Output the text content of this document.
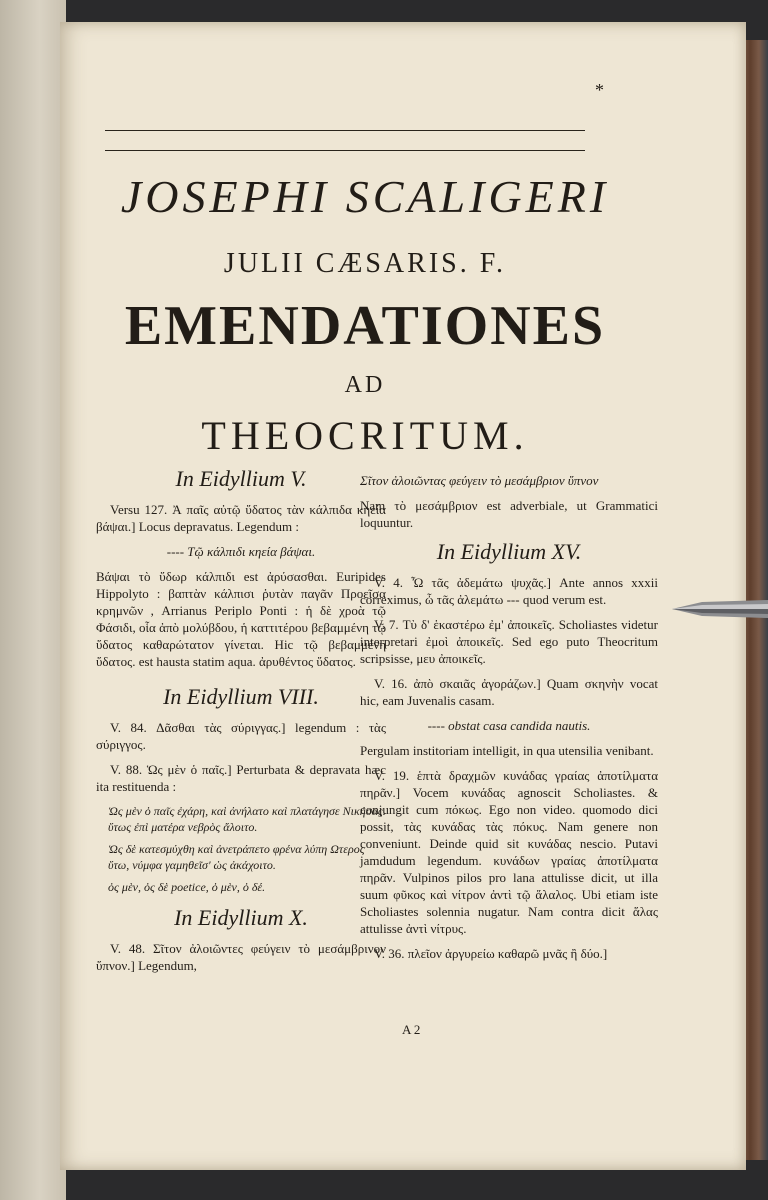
*
JOSEPHI SCALIGERI
JULII CÆSARIS. F.
EMENDATIONES
AD
THEOCRITUM.
In Eidyllium V.
Versu 127. Ἀ παῖς αὐτῷ ὕδατος τὰν κάλπιδα κηεία βάψαι.] Locus depravatus. Legendum :
---- Τῷ κάλπιδι κηεία βάψαι.
Βάψαι τὸ ὕδωρ κάλπιδι est ἀρύσασθαι. Euripides Hippolyto : βαπτὰν κάλπισι ῥυτὰν παγᾶν Προεῖσα κρημνῶν , Arrianus Periplo Ponti : ἡ δὲ χροὰ τῷ Φάσιδι, οἷα ἀπὸ μολύβδου, ἡ καττιτέρου βεβαμμένη τῷ ὕδατος καθαρώτατον γίνεται. Hic τῷ βεβαμμένη ὕδατος. est hausta statim aqua. ἀρυθέντος ὕδατος.
In Eidyllium VIII.
V. 84. Δᾶσθαι τὰς σύριγγας.] legendum : τὰς σύριγγος.
V. 88. Ὡς μὲν ὁ παῖς.] Perturbata & depravata hæc ita restituenda :
Ὡς μὲν ὁ παῖς ἐχάρη, καὶ ἀνήλατο καὶ πλατάγησε Νικήσας. ὕτως ἐπὶ ματέρα νεβρὸς ἄλοιτο.
Ὡς δὲ κατεσμύχθη καὶ ἀνετράπετο φρένα λύπη Ωτερος ὕτω, νύμφα γαμηθεῖσ' ὡς ἀκάχοιτο.
ὁς μὲν, ὁς δὲ poetice, ὁ μὲν, ὁ δέ.
In Eidyllium X.
V. 48. Σῖτον ἀλοιῶντες φεύγειν τὸ μεσάμβρινον ὕπνον.] Legendum,
Σῖτον ἀλοιῶντας φεύγειν τὸ μεσάμβριον ὕπνον
Nam τὸ μεσάμβριον est adverbiale, ut Grammatici loquuntur.
In Eidyllium XV.
V. 4. Ὦ τᾶς ἀδεμάτω ψυχᾶς.] Ante annos xxxii correximus, ὦ τᾶς ἀλεμάτω --- quod verum est.
V. 7. Τὺ δ' ἑκαστέρω ἐμ' ἀποικεῖς. Scholiastes videtur interpretari ἐμοὶ ἀποικεῖς. Sed ego puto Theocritum scripsisse, μευ ἀποικεῖς.
V. 16. ἀπὸ σκαιᾶς ἀγοράζων.] Quam σκηνὴν vocat hic, eam Juvenalis casam.
---- obstat casa candida nautis.
Pergulam institoriam intelligit, in qua utensilia venibant.
V. 19. ἑπτὰ δραχμῶν κυνάδας γραίας ἀποτίλματα πηρᾶν.] Vocem κυνάδας agnoscit Scholiastes. & conjungit cum πόκως. Ego non video. quomodo dici possit, τὰς κυνάδας τὰς πόκυς. Nam genere non conveniunt. Deinde quid sit κυνάδας nescio. Putavi jamdudum legendum. κυνάδων γραίας ἀποτίλματα πηρᾶν. Vulpinos pilos pro lana attulisse dicit, ut illa suum φῦκος καὶ νίτρον ἀντὶ τῷ ἅλαλος. Ubi etiam iste Scholiastes solennia nugatur. Nam contra dicit ἅλας attulisse ἀντὶ νίτρυς.
V. 36. πλεῖον ἀργυρείω καθαρῶ μνᾶς ἢ δύο.]
A 2
